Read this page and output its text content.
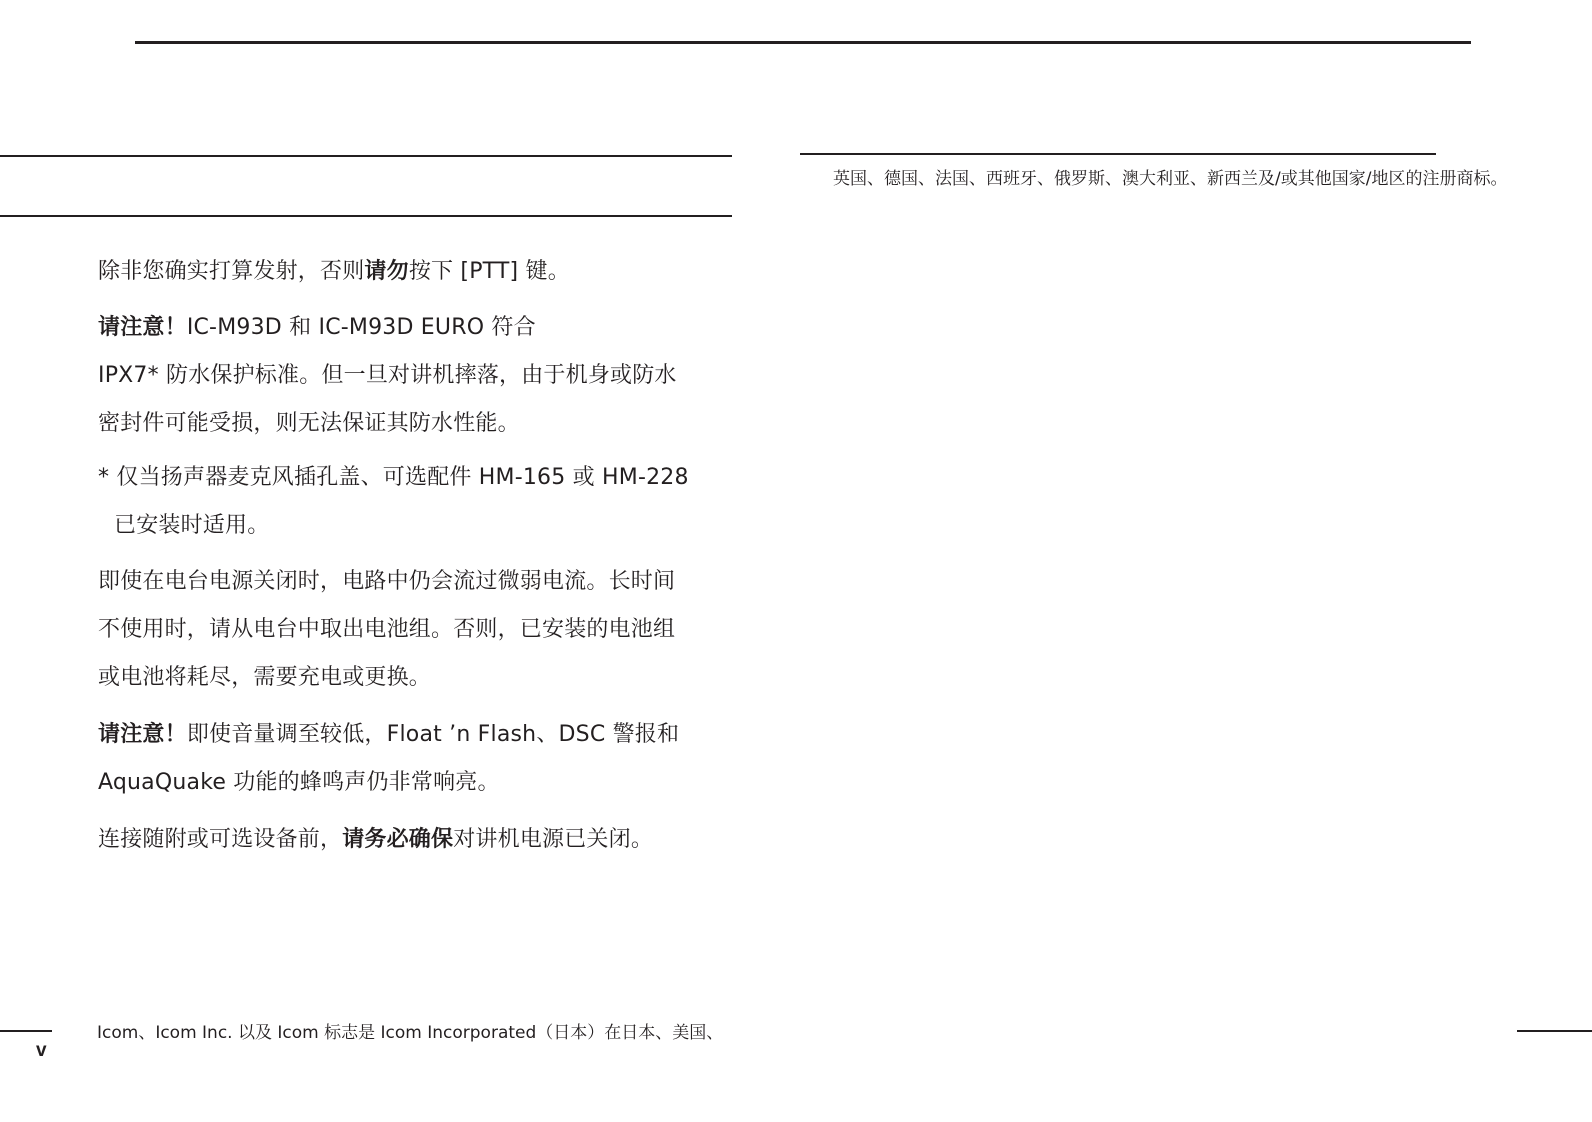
除非您确实打算发射，否则请勿按下 [PTT] 键。

请注意！IC-M93D 和 IC-M93D EURO 符合
IPX7* 防水保护标准。但一旦对讲机摔落，由于机身或防水
密封件可能受损，则无法保证其防水性能。

* 仅当扬声器麦克风插孔盖、可选配件 HM-165 或 HM-228
已安装时适用。

即使在电台电源关闭时，电路中仍会流过微弱电流。长时间
不使用时，请从电台中取出电池组。否则，已安装的电池组
或电池将耗尽，需要充电或更换。

请注意！即使音量调至较低，Float ’n Flash、DSC 警报和
AquaQuake 功能的蜂鸣声仍非常响亮。

连接随附或可选设备前，请务必确保对讲机电源已关闭。

Icom、Icom Inc. 以及 Icom 标志是 Icom Incorporated（日本）在日本、美国、
英国、德国、法国、西班牙、俄罗斯、澳大利亚、新西兰及/或其他国家/地区的注册商标。
v
